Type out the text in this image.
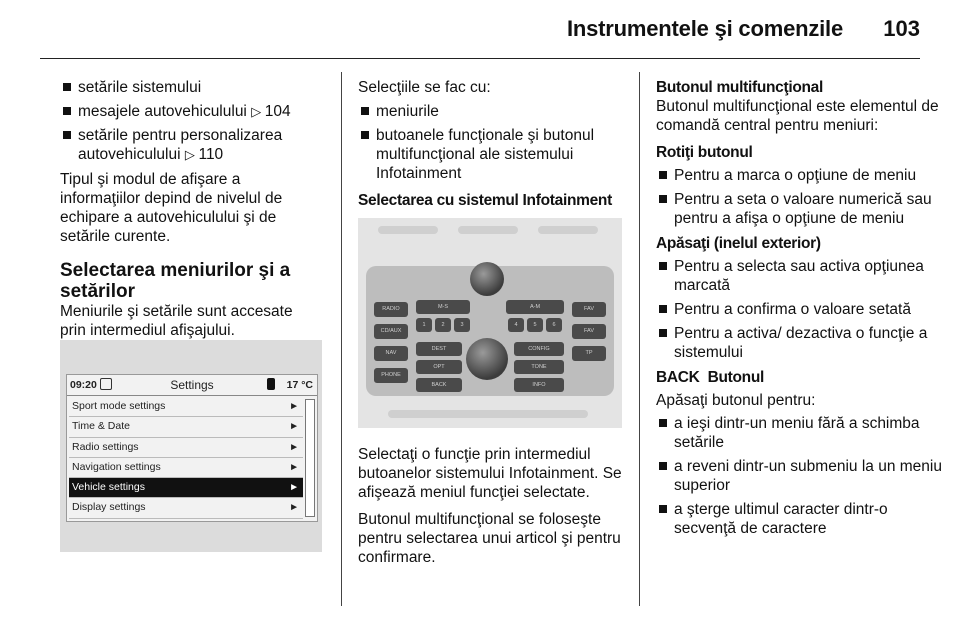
Instrumentele şi comenzile 103
setările sistemului
mesajele autovehiculului ▷ 104
setările pentru personalizarea autovehiculului ▷ 110

Tipul şi modul de afişare a informaţiilor depind de nivelul de echipare a autovehiculului şi de setările curente.

Selectarea meniurilor şi a setărilor

Meniurile şi setările sunt accesate prin intermediul afişajului.

09:20	Settings	17 °C
Sport mode settings	►
Time & Date	►
Radio settings	►
Navigation settings	►
Vehicle settings	►
Display settings	►

Selecţiile se fac cu:

meniurile
butoanele funcţionale şi butonul multifuncţional ale sistemului Infotainment

Selectarea cu sistemul Infotainment

RADIO
CD/AUX
NAV
PHONE
FAV
FAV
TP
M-S	A-M
1	2	3	4	5	6
DEST	CONFIG
OPT	TONE
BACK	INFO

Selectaţi o funcţie prin intermediul butoanelor sistemului Infotainment. Se afişează meniul funcţiei selectate.

Butonul multifuncţional se foloseşte pentru selectarea unui articol şi pentru confirmare.

Butonul multifuncţional

Butonul multifuncţional este elementul de comandă central pentru meniuri:

Rotiţi butonul

Pentru a marca o opţiune de meniu
Pentru a seta o valoare numerică sau pentru a afişa o opţiune de meniu

Apăsaţi (inelul exterior)

Pentru a selecta sau activa opţiunea marcată
Pentru a confirma o valoare setată
Pentru a activa/ dezactiva o funcţie a sistemului

BACK  Butonul

Apăsaţi butonul pentru:

a ieşi dintr-un meniu fără a schimba setările
a reveni dintr-un submeniu la un meniu superior
a şterge ultimul caracter dintr-o secvenţă de caractere
